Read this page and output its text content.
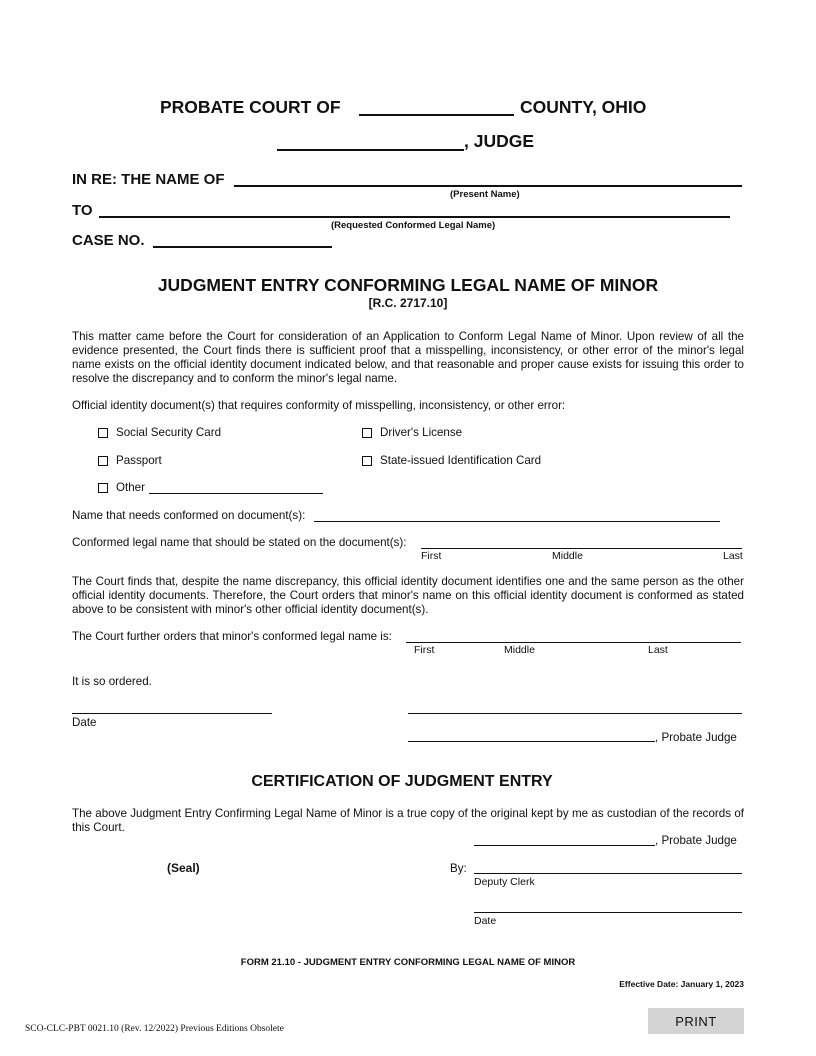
PROBATE COURT OF	COUNTY, OHIO
, JUDGE
IN RE: THE NAME OF
(Present Name)
TO
(Requested Conformed Legal Name)
CASE NO.
JUDGMENT ENTRY CONFORMING LEGAL NAME OF MINOR
[R.C. 2717.10]
This matter came before the Court for consideration of an Application to Conform Legal Name of Minor. Upon review of all the evidence presented, the Court finds there is sufficient proof that a misspelling, inconsistency, or other error of the minor's legal name exists on the official identity document indicated below, and that reasonable and proper cause exists for issuing this order to resolve the discrepancy and to conform the minor's legal name.
Official identity document(s) that requires conformity of misspelling, inconsistency, or other error:
Social Security Card	Driver's License
Passport	State-issued Identification Card
Other
Name that needs conformed on document(s):
Conformed legal name that should be stated on the document(s):
First	Middle	Last
The Court finds that, despite the name discrepancy, this official identity document identifies one and the same person as the other official identity documents. Therefore, the Court orders that minor's name on this official identity document is conformed as stated above to be consistent with minor's other official identity document(s).
The Court further orders that minor's conformed legal name is:
First	Middle	Last
It is so ordered.
Date
, Probate Judge
CERTIFICATION OF JUDGMENT ENTRY
The above Judgment Entry Confirming Legal Name of Minor is a true copy of the original kept by me as custodian of the records of this Court.
, Probate Judge
(Seal)	By:
Deputy Clerk
Date
FORM 21.10 - JUDGMENT ENTRY CONFORMING LEGAL NAME OF MINOR
Effective Date: January 1, 2023
SCO-CLC-PBT 0021.10 (Rev. 12/2022) Previous Editions Obsolete
PRINT
